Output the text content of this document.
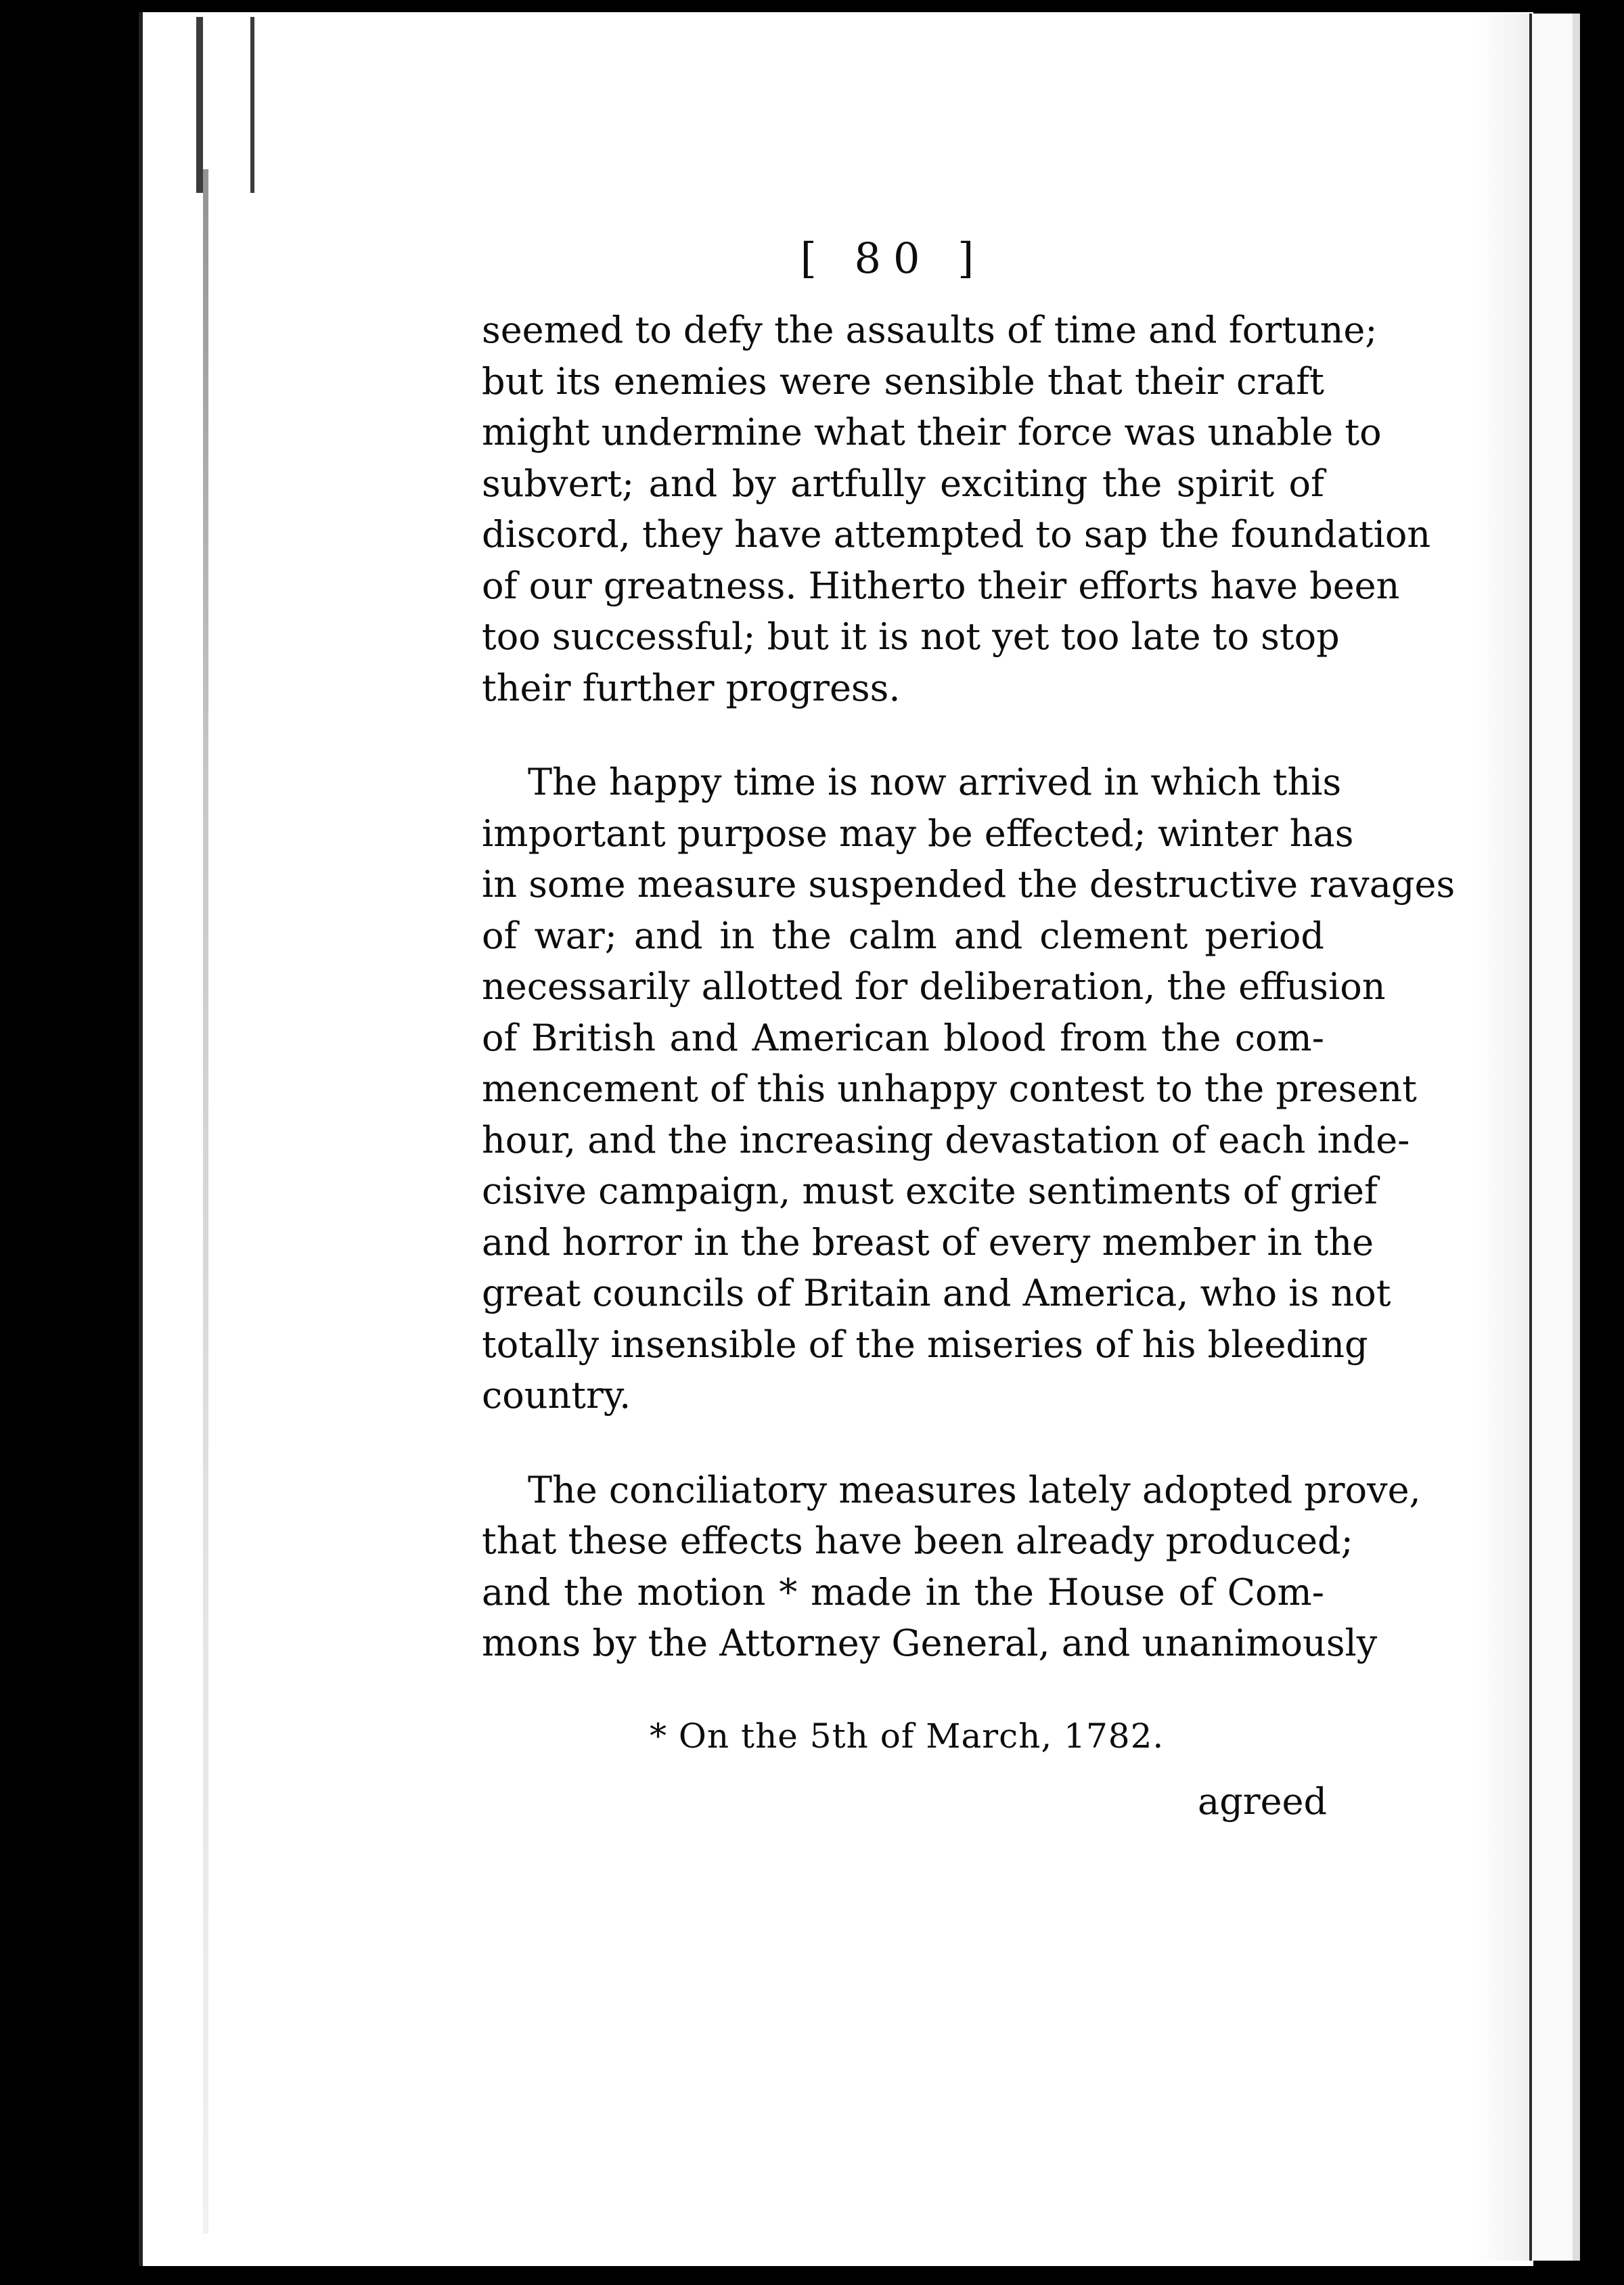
[ 80 ]
seemed to defy the assaults of time and fortune;
but its enemies were sensible that their craft
might undermine what their force was unable to
subvert; and by artfully exciting the spirit of
discord, they have attempted to sap the foundation
of our greatness. Hitherto their efforts have been
too successful; but it is not yet too late to stop
their further progress.
The happy time is now arrived in which this
important purpose may be effected; winter has
in some measure suspended the destructive ravages
of war; and in the calm and clement period
necessarily allotted for deliberation, the effusion
of British and American blood from the com-
mencement of this unhappy contest to the present
hour, and the increasing devastation of each inde-
cisive campaign, must excite sentiments of grief
and horror in the breast of every member in the
great councils of Britain and America, who is not
totally insensible of the miseries of his bleeding
country.
The conciliatory measures lately adopted prove,
that these effects have been already produced;
and the motion * made in the House of Com-
mons by the Attorney General, and unanimously
* On the 5th of March, 1782.
agreed
